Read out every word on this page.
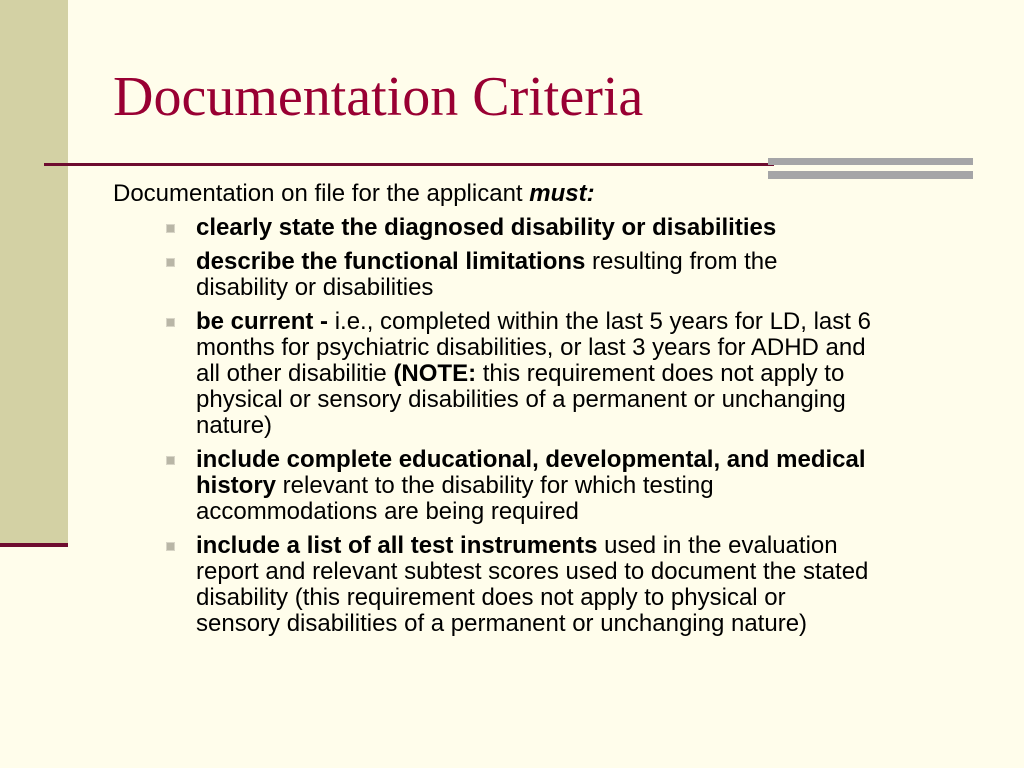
Documentation Criteria

Documentation on file for the applicant must:

clearly state the diagnosed disability or disabilities
describe the functional limitations resulting from the disability or disabilities
be current - i.e., completed within the last 5 years for LD, last 6 months for psychiatric disabilities, or last 3 years for ADHD and all other disabilitie (NOTE: this requirement does not apply to physical or sensory disabilities of a permanent or unchanging nature)
include complete educational, developmental, and medical history relevant to the disability for which testing accommodations are being required
include a list of all test instruments used in the evaluation report and relevant subtest scores used to document the stated disability (this requirement does not apply to physical or sensory disabilities of a permanent or unchanging nature)
